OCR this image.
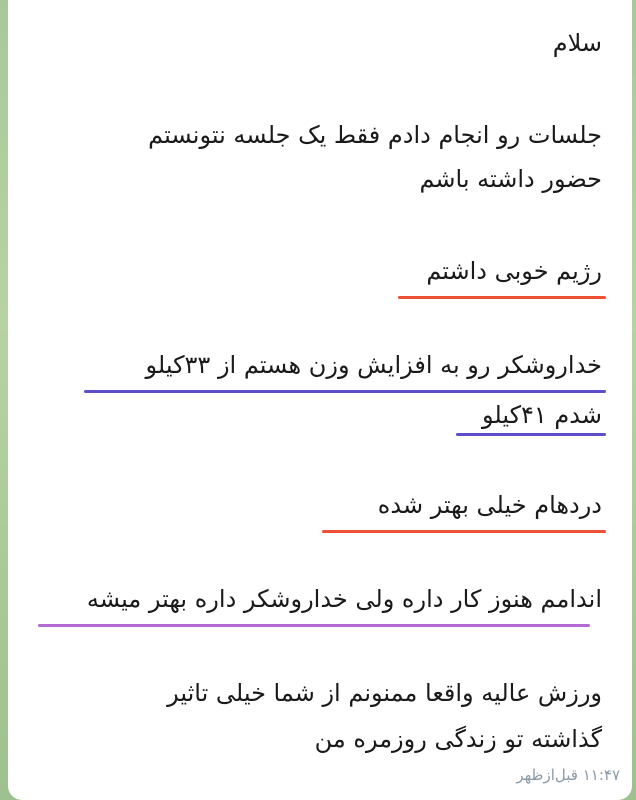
سلام

جلسات رو انجام دادم فقط یک جلسه نتونستم

حضور داشته باشم

رژیم خوبی داشتم

خداروشکر رو به افزایش وزن هستم از ۳۳کیلو

شدم ۴۱کیلو

دردهام خیلی بهتر شده

اندامم هنوز کار داره ولی خداروشکر داره بهتر میشه

ورزش عالیه واقعا ممنونم از شما خیلی تاثیر

گذاشته تو زندگی روزمره من

۱۱:۴۷ قبل‌ازظهر
